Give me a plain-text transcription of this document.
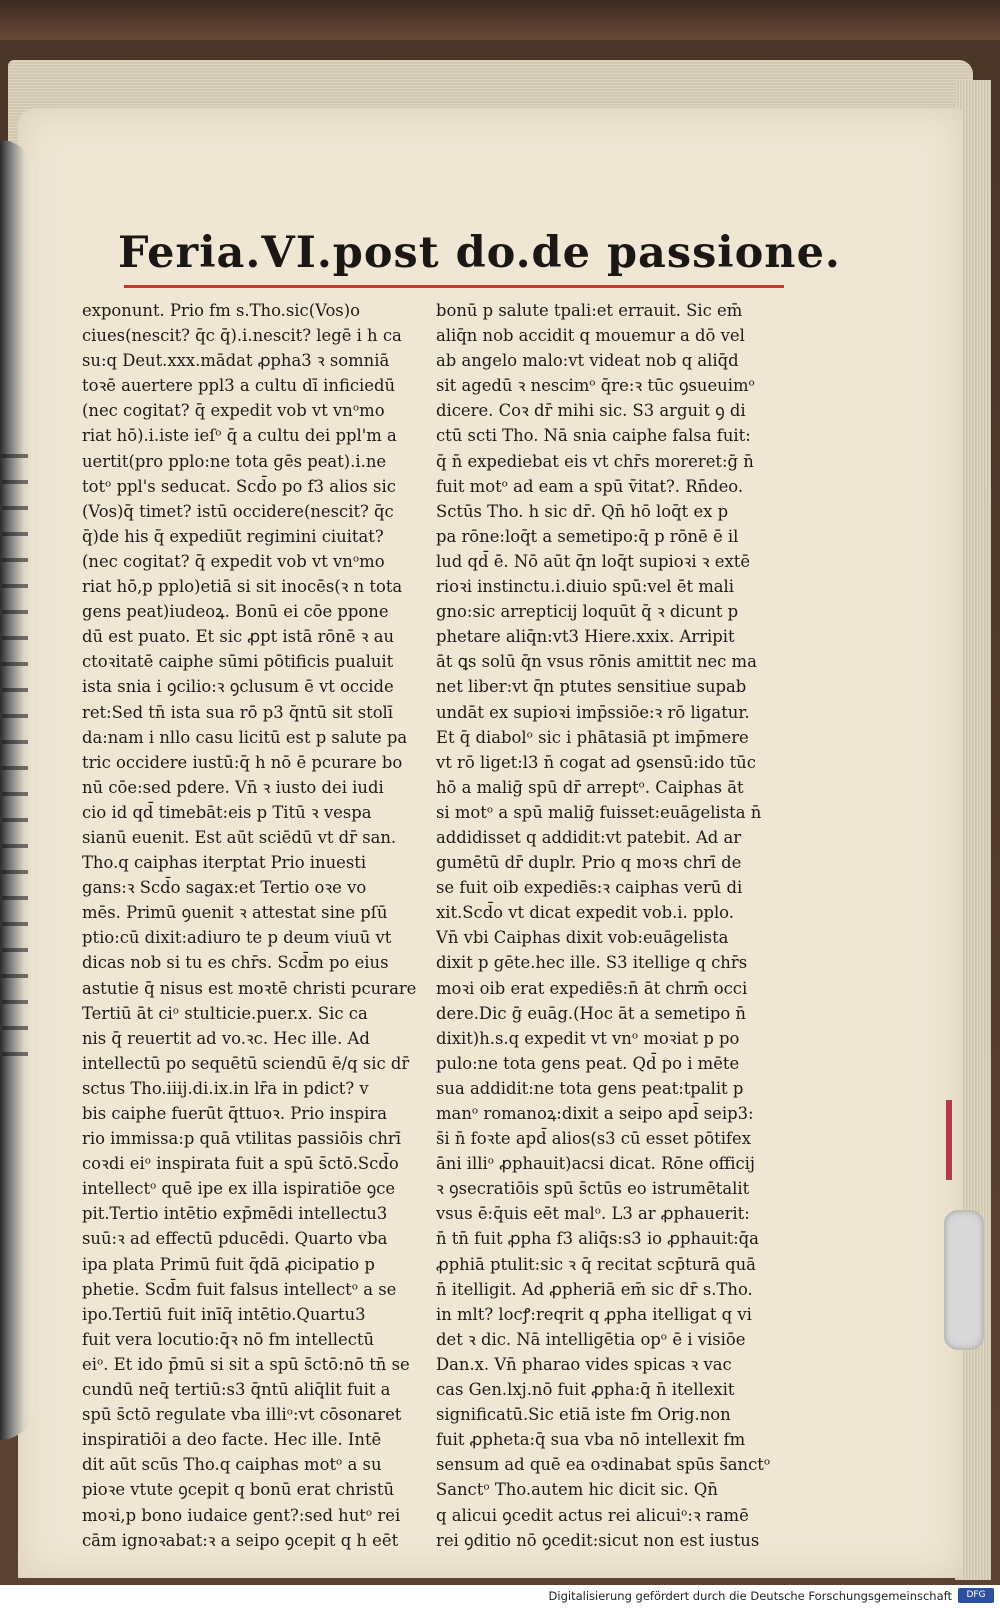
Feria.VI.post do.de passione.
exponunt. Prio fm s.Tho.sic(Vos)o
ciues(nescit? q̄c q̄).i.nescit? legē i h ca
su:q Deut.xxx.mādat ꝓpha3 ꝛ somniā
toꝛē auertere ppl3 a cultu dī inficiedū
(nec cogitat? q̄ expedit vob vt vnᵒmo
riat hō).i.iste ieſᵒ q̄ a cultu dei ppl'm a
uertit(pro pplo:ne tota gēs peat).i.ne
totᵒ ppl's seducat. Scd̄o po f3 alios sic
(Vos)q̄ timet? istū occidere(nescit? q̄c
q̄)de his q̄ expediūt regimini ciuitat?
(nec cogitat? q̄ expedit vob vt vnᵒmo
riat hō,p pplo)etiā si sit inocēs(ꝛ n tota
gens peat)iudeoꝝ. Bonū ei cōe ppone
dū est puato. Et sic ꝓpt istā rōnē ꝛ au
ctoꝛitatē caiphe sūmi pōtificis pualuit
ista snia i ꝯcilio:ꝛ ꝯclusum ē vt occide
ret:Sed tn̄ ista sua rō p3 q̄ntū sit stolī
da:nam i nllo casu licitū est p salute pa
tric occidere iustū:q̄ h nō ē pcurare bo
nū cōe:sed pdere. Vn̄ ꝛ iusto dei iudi
cio id qd̄ timebāt:eis p Titū ꝛ vespa
sianū euenit. Est aūt sciēdū vt dr̄ san.
Tho.q caiphas iterptat Prio inuesti
gans:ꝛ Scd̄o sagax:et Tertio oꝛe vo
mēs. Primū ꝯuenit ꝛ attestat sine pſū
ptio:cū dixit:adiuro te p deum viuū vt
dicas nob si tu es chr̄s. Scd̄m po eius
astutie q̄ nisus est moꝛtē christi pcurare
Tertiū āt ciᵒ stulticie.puer.x. Sic ca
nis q̄ reuertit ad vo.ꝛc. Hec ille. Ad
intellectū po sequētū sciendū ē/q sic dr̄
sctus Tho.iiij.di.ix.in lr̄a in pdict? v
bis caiphe fuerūt q̄ttuoꝛ. Prio inspira
rio immissa:p quā vtilitas passiōis chrī
coꝛdi eiᵒ inspirata fuit a spū s̄ctō.Scd̄o
intellectᵒ quē ipe ex illa ispiratiōe ꝯce
pit.Tertio intētio exp̄mēdi intellectu3
suū:ꝛ ad effectū pducēdi. Quarto vba
ipa plata Primū fuit q̄dā ꝓicipatio p
phetie. Scd̄m fuit falsus intellectᵒ a se
ipo.Tertiū fuit inīq̄ intētio.Quartu3
fuit vera locutio:q̄ꝛ nō fm intellectū
eiᵒ. Et ido p̄mū si sit a spū s̄ctō:nō tn̄ se
cundū neq̄ tertiū:s3 q̄ntū aliq̄lit fuit a
spū s̄ctō regulate vba illiᵒ:vt cōsonaret
inspiratiōi a deo facte. Hec ille. Intē
dit aūt scūs Tho.q caiphas motᵒ a su
pioꝛe vtute ꝯcepit q bonū erat christū
moꝛi,p bono iudaice gent?:sed hutᵒ rei
cām ignoꝛabat:ꝛ a seipo ꝯcepit q h eēt
bonū p salute tpali:et errauit. Sic em̄
aliq̄n nob accidit q mouemur a dō vel
ab angelo malo:vt videat nob q aliq̄d
sit agedū ꝛ nescimᵒ q̄re:ꝛ tūc ꝯsueuimᵒ
dicere. Coꝛ dr̄ mihi sic. S3 arguit ꝯ di
ctū scti Tho. Nā snia caiphe falsa fuit:
q̄ n̄ expediebat eis vt chr̄s moreret:ḡ n̄
fuit motᵒ ad eam a spū v̄itat?. Rn̄deo.
Sctūs Tho. h sic dr̄. Qn̄ hō loq̄t ex p
pa rōne:loq̄t a semetipo:q̄ p rōnē ē il
lud qd̄ ē. Nō aūt q̄n loq̄t supioꝛi ꝛ extē
rioꝛi instinctu.i.diuio spū:vel ēt mali
gno:sic arrepticij loquūt q̄ ꝛ dicunt p
phetare aliq̄n:vt3 Hiere.xxix. Arripit
āt ꝗs solū q̄n vsus rōnis amittit nec ma
net liber:vt q̄n ptutes sensitiue supab
undāt ex supioꝛi imp̄ssiōe:ꝛ rō ligatur.
Et q̄ diabolᵒ sic i phātasiā pt imp̄mere
vt rō liget:l3 n̄ cogat ad ꝯsensū:ido tūc
hō a maliḡ spū dr̄ arreptᵒ. Caiphas āt
si motᵒ a spū maliḡ fuisset:euāgelista n̄
addidisset q addidit:vt patebit. Ad ar
gumētū dr̄ duplr. Prio q moꝛs chrī de
se fuit oib expediēs:ꝛ caiphas verū di
xit.Scd̄o vt dicat expedit vob.i. pplo.
Vn̄ vbi Caiphas dixit vob:euāgelista
dixit p gēte.hec ille. S3 itellige q chr̄s
moꝛi oib erat expediēs:n̄ āt chrm̄ occi
dere.Dic ḡ euāg.(Hoc āt a semetipo n̄
dixit)h.s.q expedit vt vnᵒ moꝛiat p po
pulo:ne tota gens peat. Qd̄ po i mēte
sua addidit:ne tota gens peat:tpalit p
manᵒ romanoꝝ:dixit a seipo apd̄ seip3:
s̄i n̄ foꝛte apd̄ alios(s3 cū esset pōtifex
āni illiᵒ ꝓphauit)acsi dicat. Rōne officij
ꝛ ꝯsecratiōis spū s̄ctūs eo istrumētalit
vsus ē:q̄uis eēt malᵒ. L3 ar ꝓphauerit:
n̄ tn̄ fuit ꝓpha f3 aliq̄s:s3 io ꝓphauit:q̄a
ꝓphiā ptulit:sic ꝛ q̄ recitat scp̄turā quā
n̄ itelligit. Ad ꝓpheriā em̄ sic dr̄ s.Tho.
in mlt? locꝭ:reqrit q ꝓpha itelligat q vi
det ꝛ dic. Nā intelligētia opᵒ ē i visiōe
Dan.x. Vn̄ pharao vides spicas ꝛ vac
cas Gen.lxj.nō fuit ꝓpha:q̄ n̄ itellexit
significatū.Sic etiā iste fm Orig.non
fuit ꝓpheta:q̄ sua vba nō intellexit fm
sensum ad quē ea oꝛdinabat spūs s̄anctᵒ
Sanctᵒ Tho.autem hic dicit sic. Qn̄
q alicui ꝯcedit actus rei alicuiᵒ:ꝛ ramē
rei ꝯditio nō ꝯcedit:sicut non est iustus
Digitalisierung gefördert durch die Deutsche Forschungsgemeinschaft	DFG
